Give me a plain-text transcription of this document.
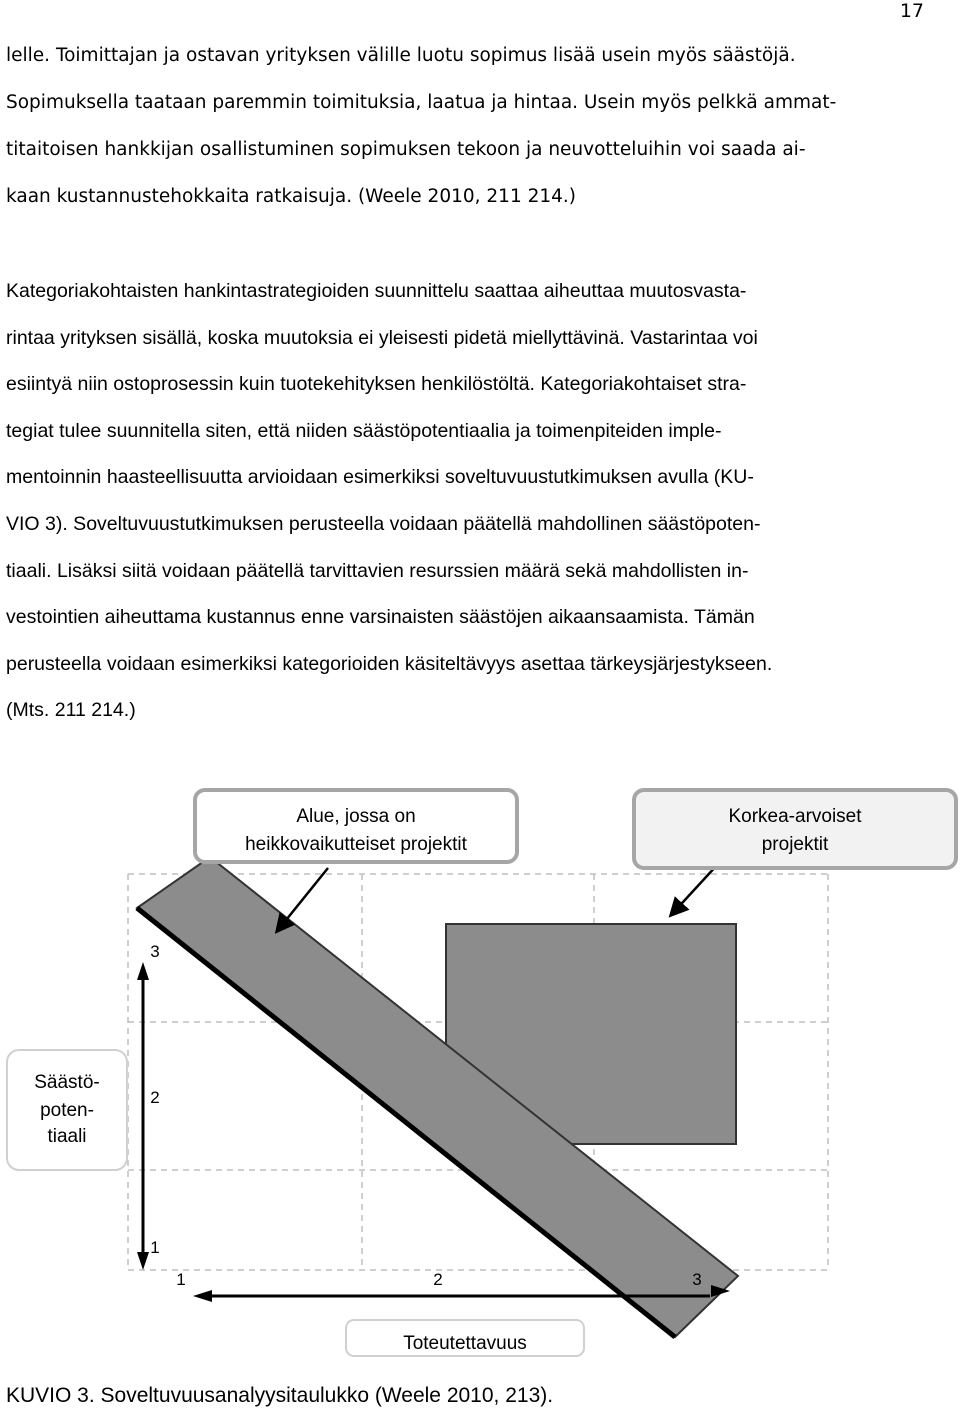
17
lelle. Toimittajan ja ostavan yrityksen välille luotu sopimus lisää usein myös säästöjä.
Sopimuksella taataan paremmin toimituksia, laatua ja hintaa. Usein myös pelkkä ammat-
titaitoisen hankkijan osallistuminen sopimuksen tekoon ja neuvotteluihin voi saada ai-
kaan kustannustehokkaita ratkaisuja. (Weele 2010, 211 214.)
Kategoriakohtaisten hankintastrategioiden suunnittelu saattaa aiheuttaa muutosvasta-
rintaa yrityksen sisällä, koska muutoksia ei yleisesti pidetä miellyttävinä. Vastarintaa voi
esiintyä niin ostoprosessin kuin tuotekehityksen henkilöstöltä. Kategoriakohtaiset stra-
tegiat tulee suunnitella siten, että niiden säästöpotentiaalia ja toimenpiteiden imple-
mentoinnin haasteellisuutta arvioidaan esimerkiksi soveltuvuustutkimuksen avulla (KU-
VIO 3). Soveltuvuustutkimuksen perusteella voidaan päätellä mahdollinen säästöpoten-
tiaali. Lisäksi siitä voidaan päätellä tarvittavien resurssien määrä sekä mahdollisten in-
vestointien aiheuttama kustannus enne varsinaisten säästöjen aikaansaamista. Tämän
perusteella voidaan esimerkiksi kategorioiden käsiteltävyys asettaa tärkeysjärjestykseen.
(Mts. 211 214.)
Alue, jossa on
heikkovaikutteiset projektit
Korkea-arvoiset
projektit
3
2
1
Säästö-
poten-
tiaali
1	2	3
Toteutettavuus
KUVIO 3. Soveltuvuusanalyysitaulukko (Weele 2010, 213).
